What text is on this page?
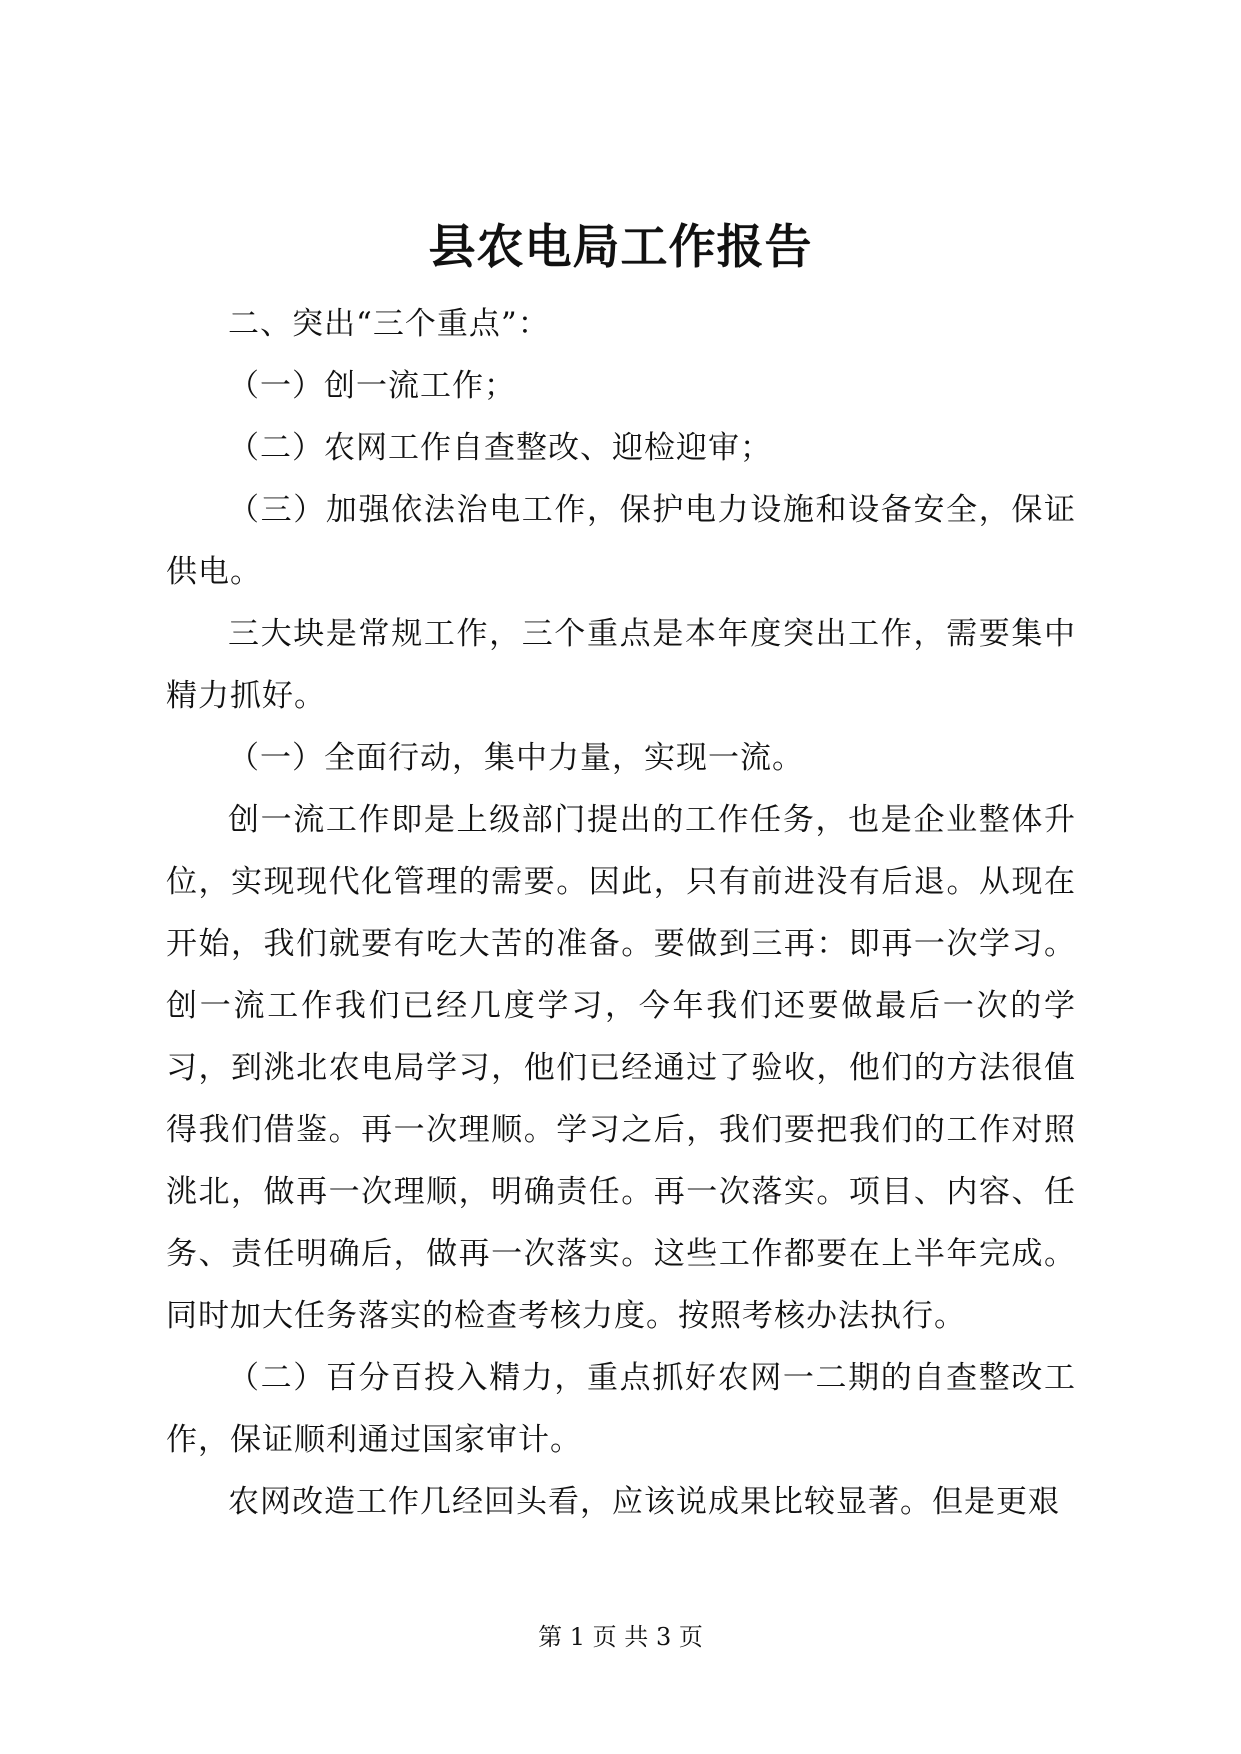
县农电局工作报告

二、突出“三个重点”：

（一）创一流工作；

（二）农网工作自查整改、迎检迎审；

（三）加强依法治电工作，保护电力设施和设备安全，保证供电。

三大块是常规工作，三个重点是本年度突出工作，需要集中精力抓好。

（一）全面行动，集中力量，实现一流。

创一流工作即是上级部门提出的工作任务，也是企业整体升位，实现现代化管理的需要。因此，只有前进没有后退。从现在开始，我们就要有吃大苦的准备。要做到三再：即再一次学习。创一流工作我们已经几度学习，今年我们还要做最后一次的学习，到洮北农电局学习，他们已经通过了验收，他们的方法很值得我们借鉴。再一次理顺。学习之后，我们要把我们的工作对照洮北，做再一次理顺，明确责任。再一次落实。项目、内容、任务、责任明确后，做再一次落实。这些工作都要在上半年完成。同时加大任务落实的检查考核力度。按照考核办法执行。

（二）百分百投入精力，重点抓好农网一二期的自查整改工作，保证顺利通过国家审计。

农网改造工作几经回头看，应该说成果比较显著。但是更艰

第 1 页 共 3 页
